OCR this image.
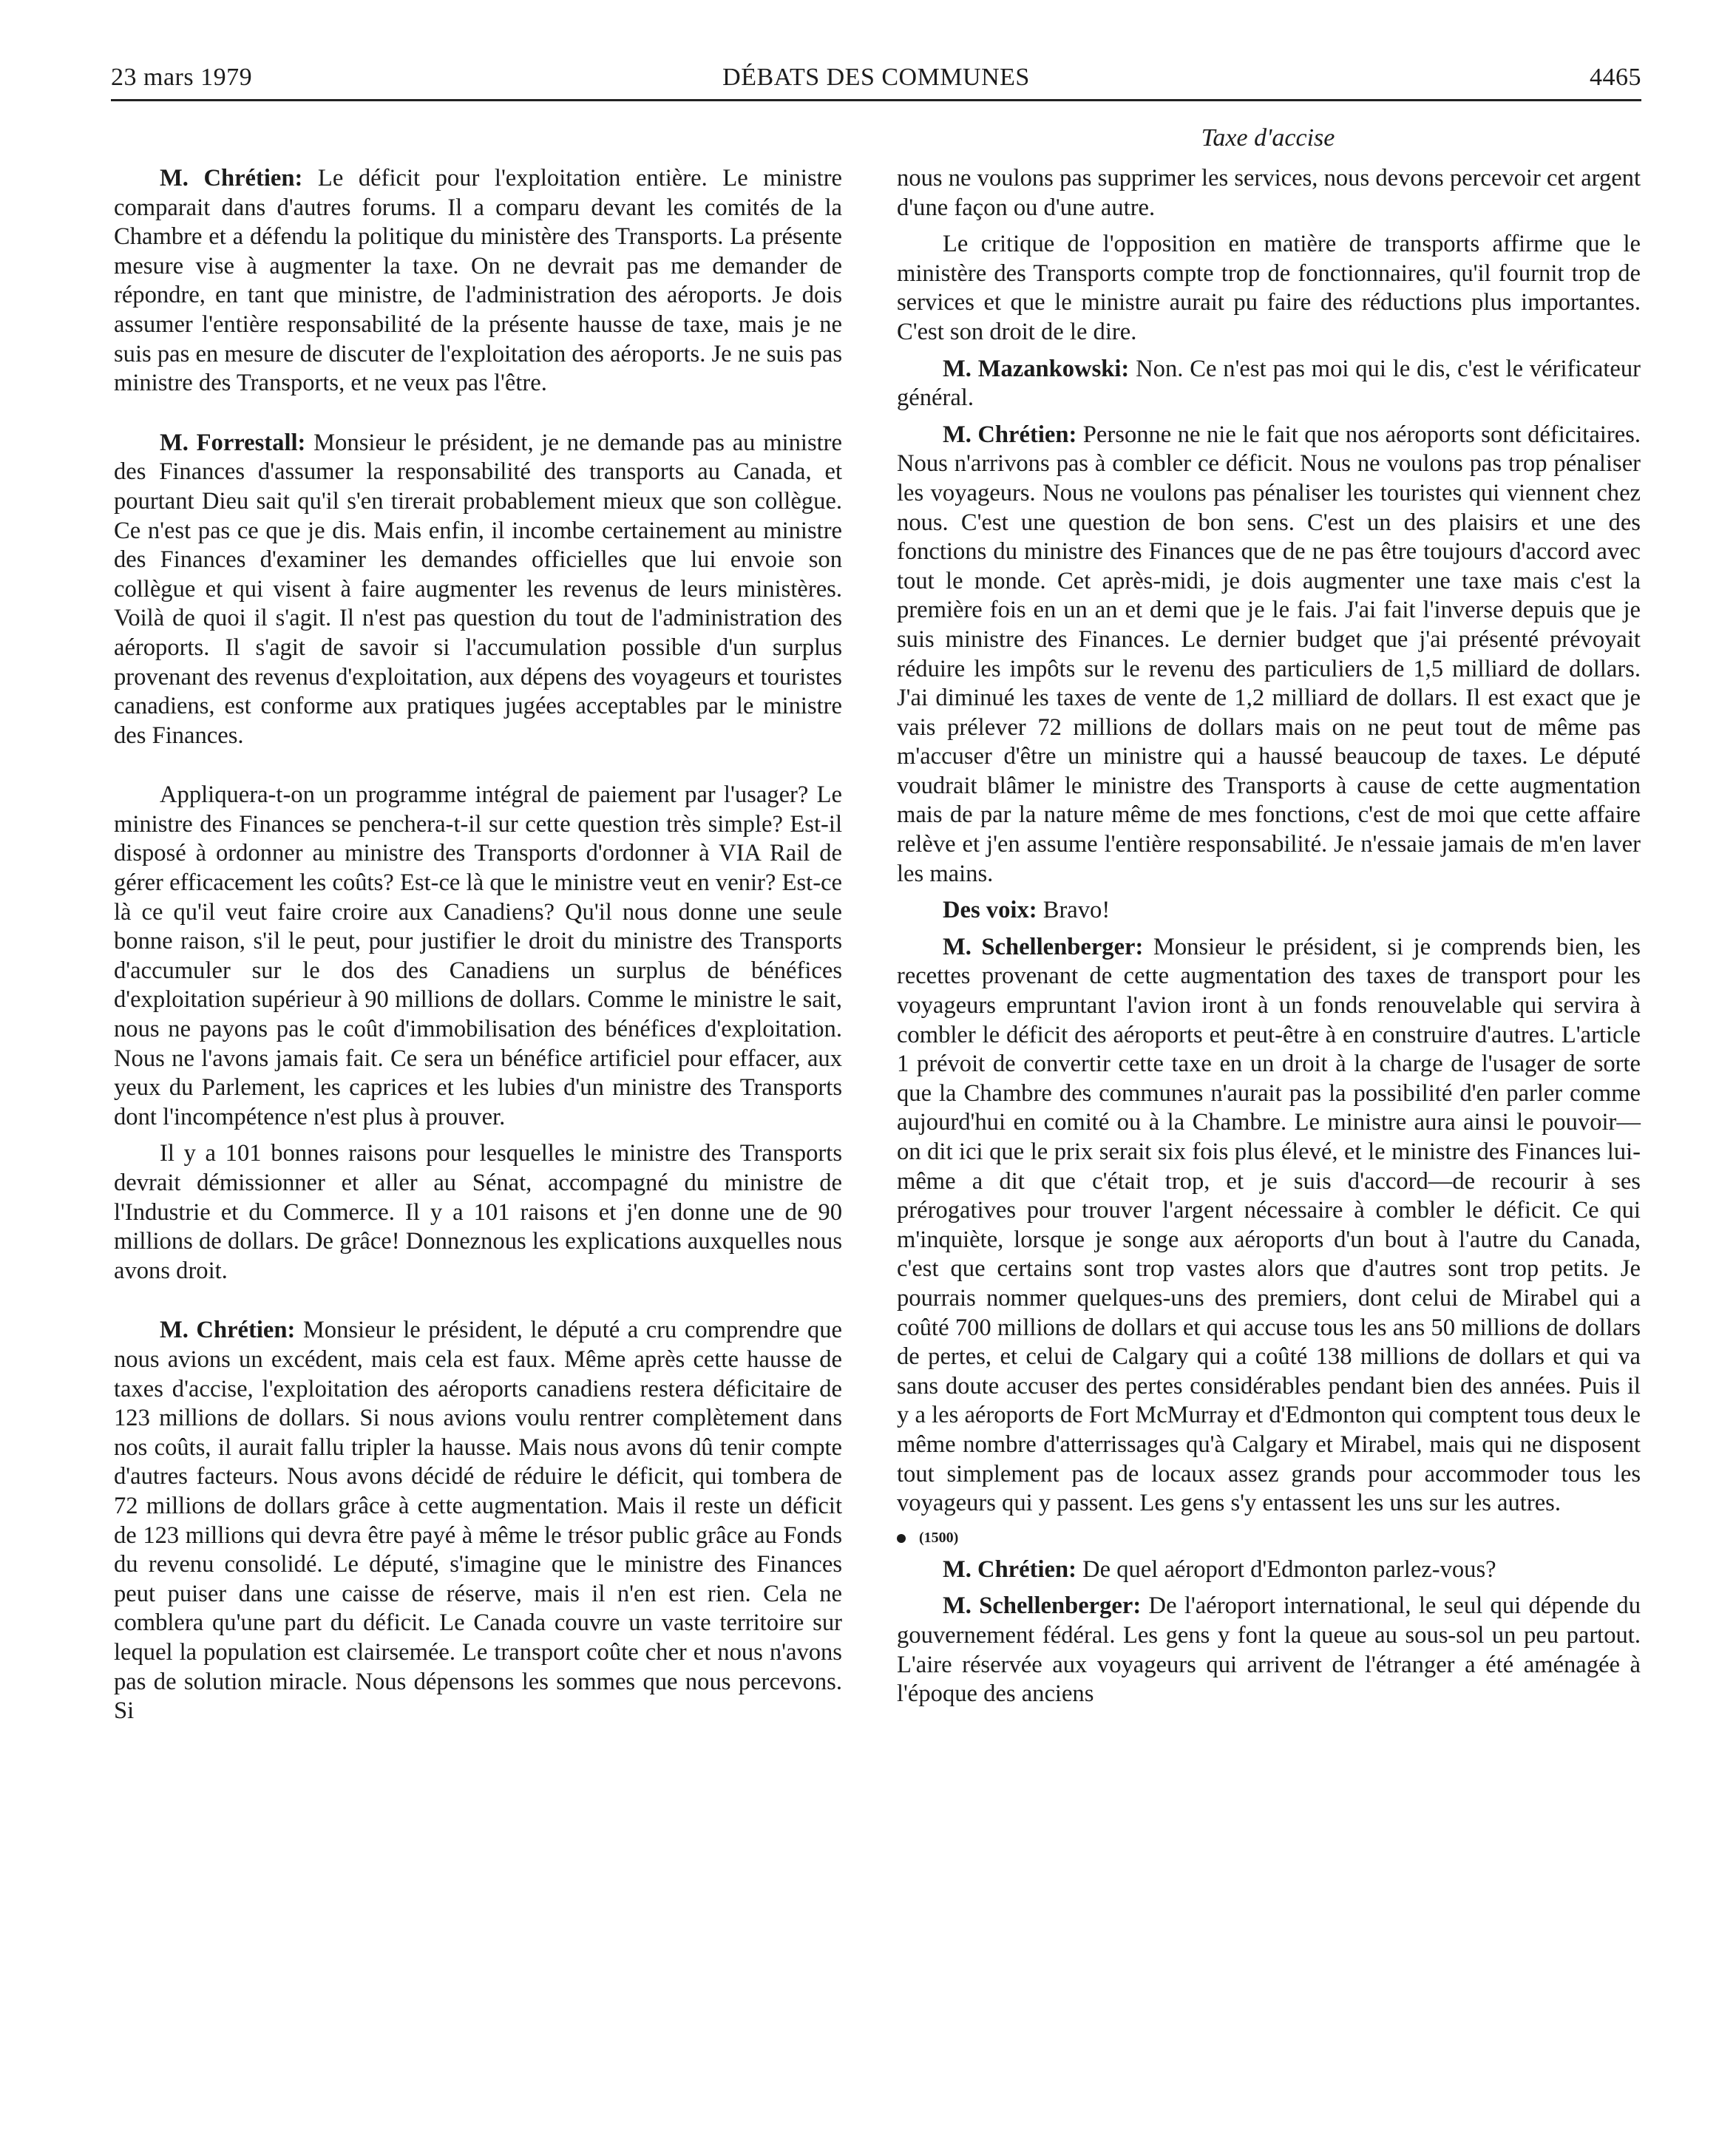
23 mars 1979	DÉBATS DES COMMUNES	4465
Taxe d'accise

M. Chrétien: Le déficit pour l'exploitation entière. Le ministre comparait dans d'autres forums. Il a comparu devant les comités de la Chambre et a défendu la politique du ministère des Transports. La présente mesure vise à augmenter la taxe. On ne devrait pas me demander de répondre, en tant que ministre, de l'administration des aéroports. Je dois assumer l'entière responsabilité de la présente hausse de taxe, mais je ne suis pas en mesure de discuter de l'exploitation des aéroports. Je ne suis pas ministre des Transports, et ne veux pas l'être.

M. Forrestall: Monsieur le président, je ne demande pas au ministre des Finances d'assumer la responsabilité des transports au Canada, et pourtant Dieu sait qu'il s'en tirerait probablement mieux que son collègue. Ce n'est pas ce que je dis. Mais enfin, il incombe certainement au ministre des Finances d'examiner les demandes officielles que lui envoie son collègue et qui visent à faire augmenter les revenus de leurs ministères. Voilà de quoi il s'agit. Il n'est pas question du tout de l'administration des aéroports. Il s'agit de savoir si l'accumulation possible d'un surplus provenant des revenus d'exploitation, aux dépens des voyageurs et touristes canadiens, est conforme aux pratiques jugées acceptables par le ministre des Finances.

Appliquera-t-on un programme intégral de paiement par l'usager? Le ministre des Finances se penchera-t-il sur cette question très simple? Est-il disposé à ordonner au ministre des Transports d'ordonner à VIA Rail de gérer efficacement les coûts? Est-ce là que le ministre veut en venir? Est-ce là ce qu'il veut faire croire aux Canadiens? Qu'il nous donne une seule bonne raison, s'il le peut, pour justifier le droit du ministre des Transports d'accumuler sur le dos des Canadiens un surplus de bénéfices d'exploitation supérieur à 90 millions de dollars. Comme le ministre le sait, nous ne payons pas le coût d'immobilisation des bénéfices d'exploitation. Nous ne l'avons jamais fait. Ce sera un bénéfice artificiel pour effacer, aux yeux du Parlement, les caprices et les lubies d'un ministre des Transports dont l'incompétence n'est plus à prouver.

Il y a 101 bonnes raisons pour lesquelles le ministre des Transports devrait démissionner et aller au Sénat, accompagné du ministre de l'Industrie et du Commerce. Il y a 101 raisons et j'en donne une de 90 millions de dollars. De grâce! Donneznous les explications auxquelles nous avons droit.

M. Chrétien: Monsieur le président, le député a cru comprendre que nous avions un excédent, mais cela est faux. Même après cette hausse de taxes d'accise, l'exploitation des aéroports canadiens restera déficitaire de 123 millions de dollars. Si nous avions voulu rentrer complètement dans nos coûts, il aurait fallu tripler la hausse. Mais nous avons dû tenir compte d'autres facteurs. Nous avons décidé de réduire le déficit, qui tombera de 72 millions de dollars grâce à cette augmentation. Mais il reste un déficit de 123 millions qui devra être payé à même le trésor public grâce au Fonds du revenu consolidé. Le député, s'imagine que le ministre des Finances peut puiser dans une caisse de réserve, mais il n'en est rien. Cela ne comblera qu'une part du déficit. Le Canada couvre un vaste territoire sur lequel la population est clairsemée. Le transport coûte cher et nous n'avons pas de solution miracle. Nous dépensons les sommes que nous percevons. Si

nous ne voulons pas supprimer les services, nous devons percevoir cet argent d'une façon ou d'une autre.

Le critique de l'opposition en matière de transports affirme que le ministère des Transports compte trop de fonctionnaires, qu'il fournit trop de services et que le ministre aurait pu faire des réductions plus importantes. C'est son droit de le dire.

M. Mazankowski: Non. Ce n'est pas moi qui le dis, c'est le vérificateur général.

M. Chrétien: Personne ne nie le fait que nos aéroports sont déficitaires. Nous n'arrivons pas à combler ce déficit. Nous ne voulons pas trop pénaliser les voyageurs. Nous ne voulons pas pénaliser les touristes qui viennent chez nous. C'est une question de bon sens. C'est un des plaisirs et une des fonctions du ministre des Finances que de ne pas être toujours d'accord avec tout le monde. Cet après-midi, je dois augmenter une taxe mais c'est la première fois en un an et demi que je le fais. J'ai fait l'inverse depuis que je suis ministre des Finances. Le dernier budget que j'ai présenté prévoyait réduire les impôts sur le revenu des particuliers de 1,5 milliard de dollars. J'ai diminué les taxes de vente de 1,2 milliard de dollars. Il est exact que je vais prélever 72 millions de dollars mais on ne peut tout de même pas m'accuser d'être un ministre qui a haussé beaucoup de taxes. Le député voudrait blâmer le ministre des Transports à cause de cette augmentation mais de par la nature même de mes fonctions, c'est de moi que cette affaire relève et j'en assume l'entière responsabilité. Je n'essaie jamais de m'en laver les mains.

Des voix: Bravo!

M. Schellenberger: Monsieur le président, si je comprends bien, les recettes provenant de cette augmentation des taxes de transport pour les voyageurs empruntant l'avion iront à un fonds renouvelable qui servira à combler le déficit des aéroports et peut-être à en construire d'autres. L'article 1 prévoit de convertir cette taxe en un droit à la charge de l'usager de sorte que la Chambre des communes n'aurait pas la possibilité d'en parler comme aujourd'hui en comité ou à la Chambre. Le ministre aura ainsi le pouvoir—on dit ici que le prix serait six fois plus élevé, et le ministre des Finances lui-même a dit que c'était trop, et je suis d'accord—de recourir à ses prérogatives pour trouver l'argent nécessaire à combler le déficit. Ce qui m'inquiète, lorsque je songe aux aéroports d'un bout à l'autre du Canada, c'est que certains sont trop vastes alors que d'autres sont trop petits. Je pourrais nommer quelques-uns des premiers, dont celui de Mirabel qui a coûté 700 millions de dollars et qui accuse tous les ans 50 millions de dollars de pertes, et celui de Calgary qui a coûté 138 millions de dollars et qui va sans doute accuser des pertes considérables pendant bien des années. Puis il y a les aéroports de Fort McMurray et d'Edmonton qui comptent tous deux le même nombre d'atterrissages qu'à Calgary et Mirabel, mais qui ne disposent tout simplement pas de locaux assez grands pour accommoder tous les voyageurs qui y passent. Les gens s'y entassent les uns sur les autres.

(1500)

M. Chrétien: De quel aéroport d'Edmonton parlez-vous?

M. Schellenberger: De l'aéroport international, le seul qui dépende du gouvernement fédéral. Les gens y font la queue au sous-sol un peu partout. L'aire réservée aux voyageurs qui arrivent de l'étranger a été aménagée à l'époque des anciens
